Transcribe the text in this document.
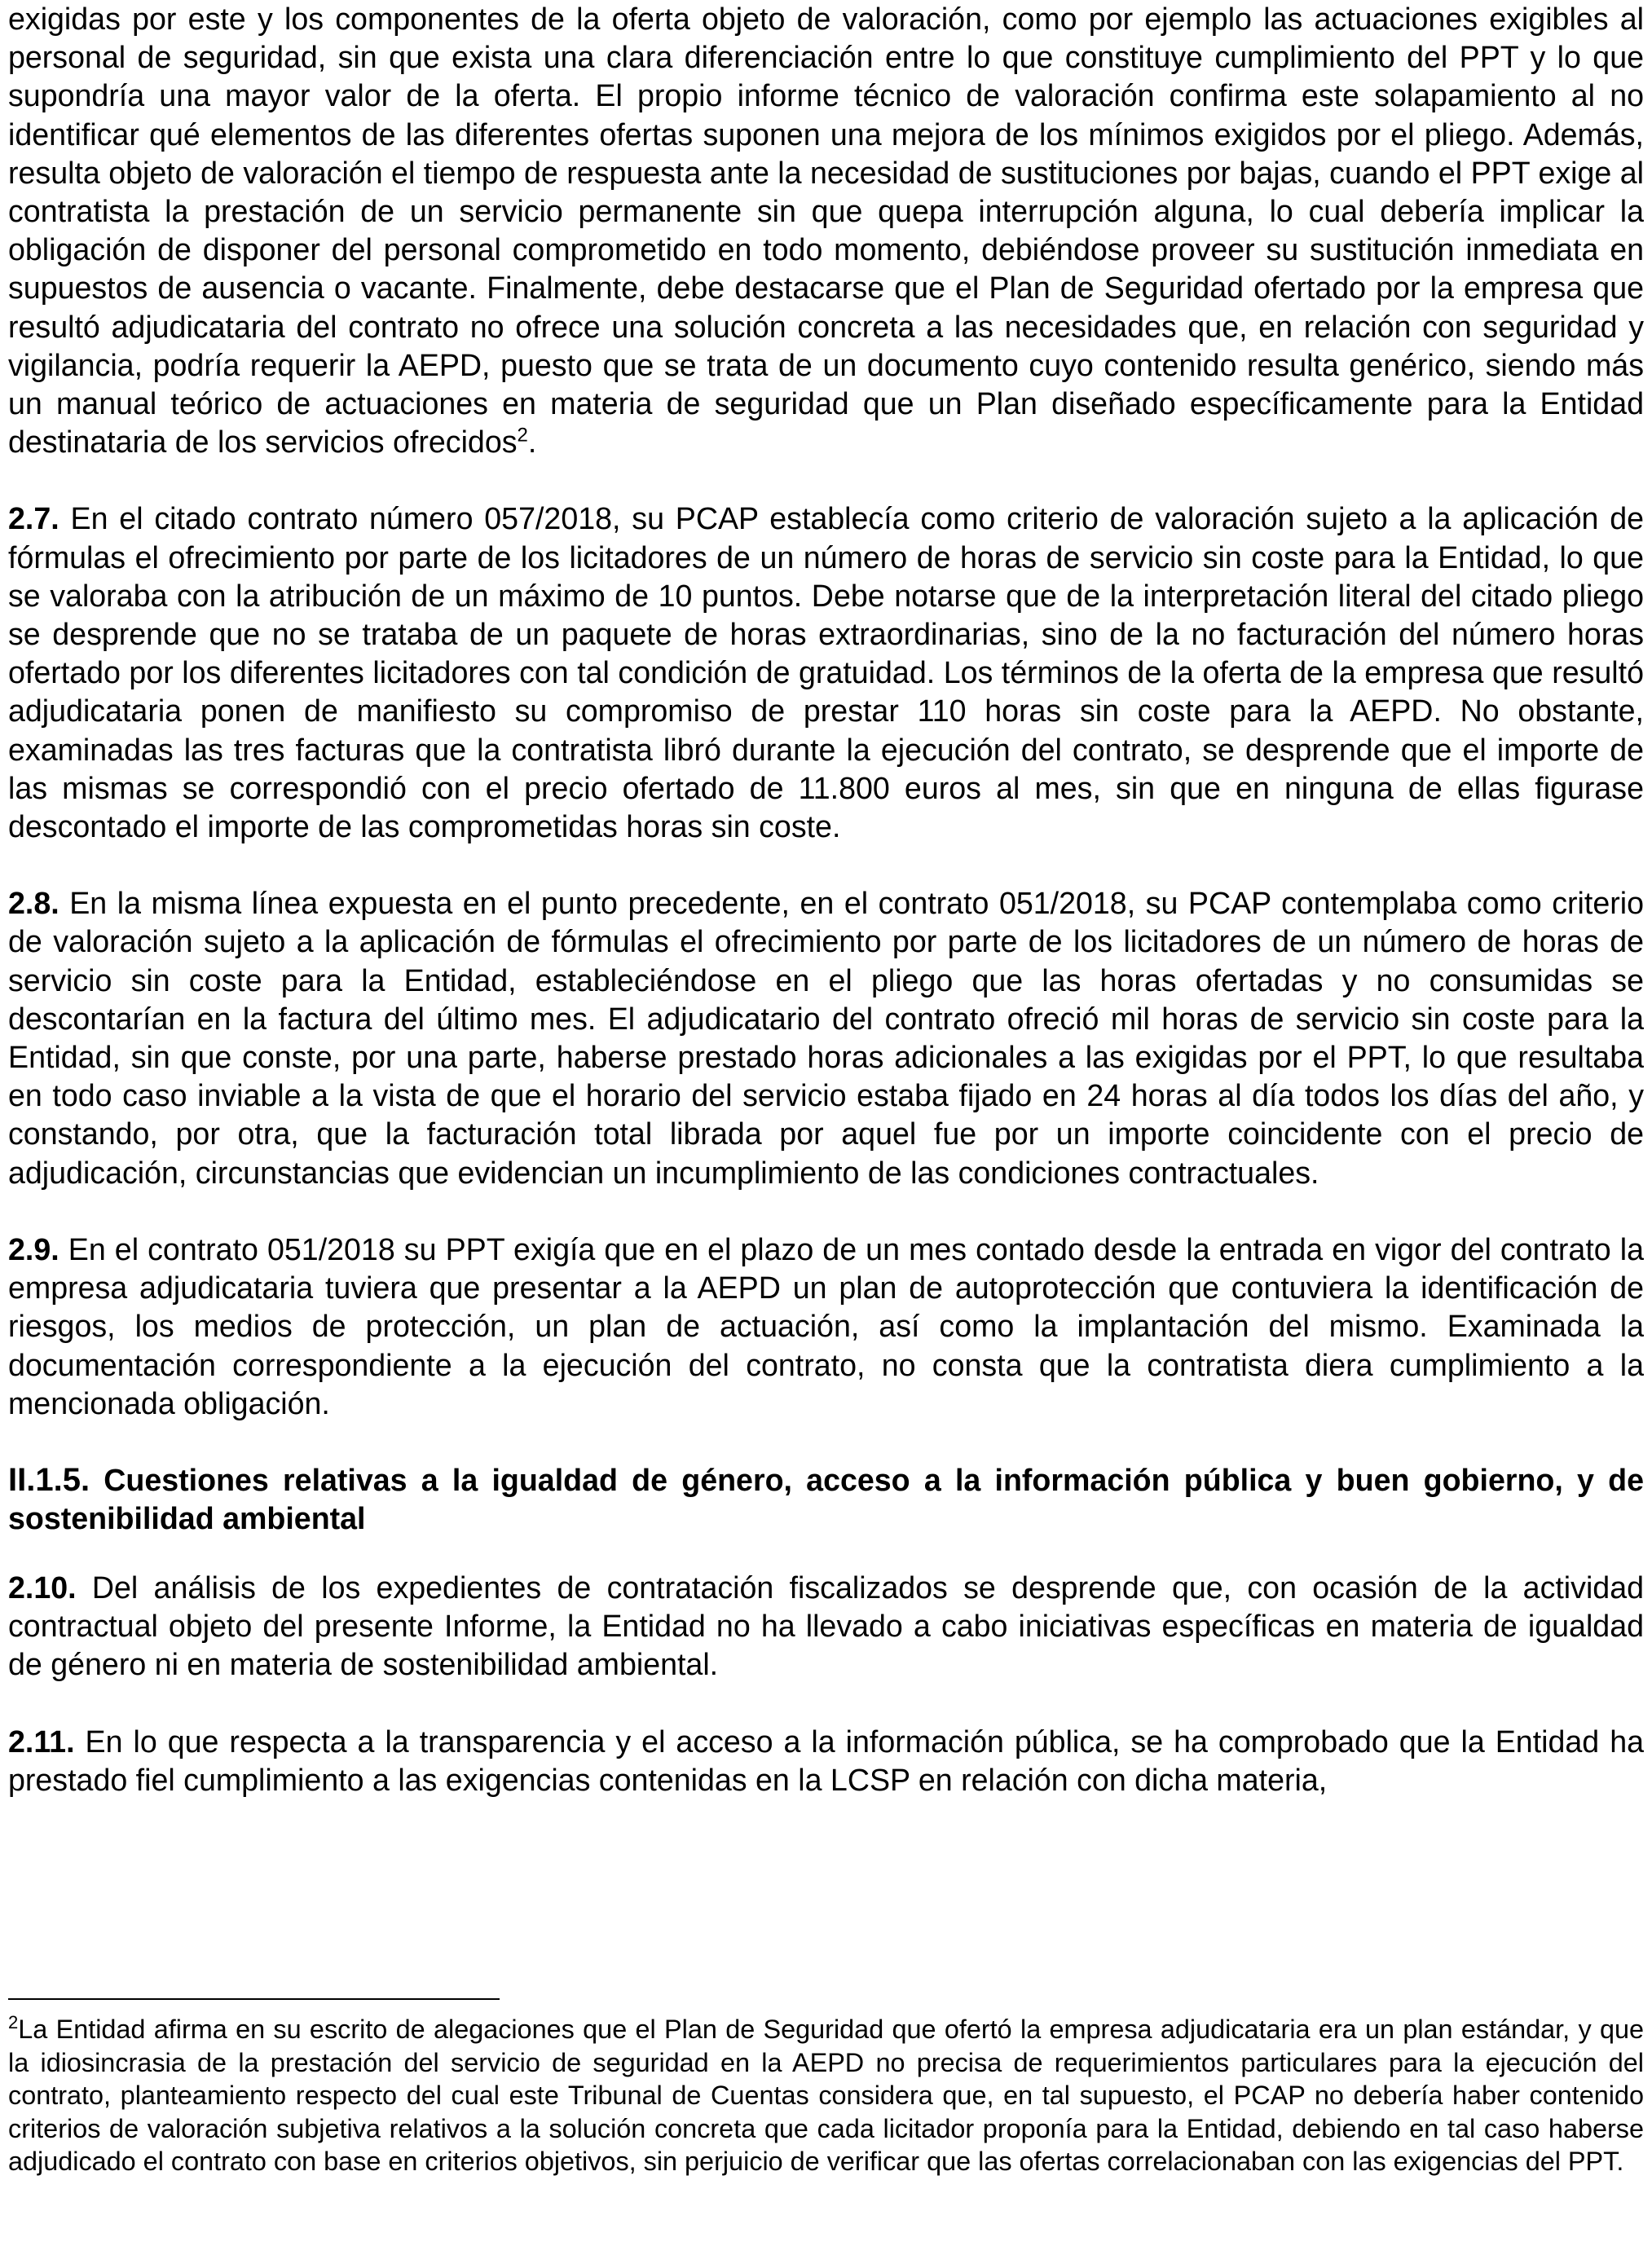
exigidas por este y los componentes de la oferta objeto de valoración, como por ejemplo las actuaciones exigibles al personal de seguridad, sin que exista una clara diferenciación entre lo que constituye cumplimiento del PPT y lo que supondría una mayor valor de la oferta. El propio informe técnico de valoración confirma este solapamiento al no identificar qué elementos de las diferentes ofertas suponen una mejora de los mínimos exigidos por el pliego. Además, resulta objeto de valoración el tiempo de respuesta ante la necesidad de sustituciones por bajas, cuando el PPT exige al contratista la prestación de un servicio permanente sin que quepa interrupción alguna, lo cual debería implicar la obligación de disponer del personal comprometido en todo momento, debiéndose proveer su sustitución inmediata en supuestos de ausencia o vacante. Finalmente, debe destacarse que el Plan de Seguridad ofertado por la empresa que resultó adjudicataria del contrato no ofrece una solución concreta a las necesidades que, en relación con seguridad y vigilancia, podría requerir la AEPD, puesto que se trata de un documento cuyo contenido resulta genérico, siendo más un manual teórico de actuaciones en materia de seguridad que un Plan diseñado específicamente para la Entidad destinataria de los servicios ofrecidos$^2$.

2.7. En el citado contrato número 057/2018, su PCAP establecía como criterio de valoración sujeto a la aplicación de fórmulas el ofrecimiento por parte de los licitadores de un número de horas de servicio sin coste para la Entidad, lo que se valoraba con la atribución de un máximo de 10 puntos. Debe notarse que de la interpretación literal del citado pliego se desprende que no se trataba de un paquete de horas extraordinarias, sino de la no facturación del número horas ofertado por los diferentes licitadores con tal condición de gratuidad. Los términos de la oferta de la empresa que resultó adjudicataria ponen de manifiesto su compromiso de prestar 110 horas sin coste para la AEPD. No obstante, examinadas las tres facturas que la contratista libró durante la ejecución del contrato, se desprende que el importe de las mismas se correspondió con el precio ofertado de 11.800 euros al mes, sin que en ninguna de ellas figurase descontado el importe de las comprometidas horas sin coste.

2.8. En la misma línea expuesta en el punto precedente, en el contrato 051/2018, su PCAP contemplaba como criterio de valoración sujeto a la aplicación de fórmulas el ofrecimiento por parte de los licitadores de un número de horas de servicio sin coste para la Entidad, estableciéndose en el pliego que las horas ofertadas y no consumidas se descontarían en la factura del último mes. El adjudicatario del contrato ofreció mil horas de servicio sin coste para la Entidad, sin que conste, por una parte, haberse prestado horas adicionales a las exigidas por el PPT, lo que resultaba en todo caso inviable a la vista de que el horario del servicio estaba fijado en 24 horas al día todos los días del año, y constando, por otra, que la facturación total librada por aquel fue por un importe coincidente con el precio de adjudicación, circunstancias que evidencian un incumplimiento de las condiciones contractuales.

2.9. En el contrato 051/2018 su PPT exigía que en el plazo de un mes contado desde la entrada en vigor del contrato la empresa adjudicataria tuviera que presentar a la AEPD un plan de autoprotección que contuviera la identificación de riesgos, los medios de protección, un plan de actuación, así como la implantación del mismo. Examinada la documentación correspondiente a la ejecución del contrato, no consta que la contratista diera cumplimiento a la mencionada obligación.

II.1.5. Cuestiones relativas a la igualdad de género, acceso a la información pública y buen gobierno, y de sostenibilidad ambiental

2.10. Del análisis de los expedientes de contratación fiscalizados se desprende que, con ocasión de la actividad contractual objeto del presente Informe, la Entidad no ha llevado a cabo iniciativas específicas en materia de igualdad de género ni en materia de sostenibilidad ambiental.

2.11. En lo que respecta a la transparencia y el acceso a la información pública, se ha comprobado que la Entidad ha prestado fiel cumplimiento a las exigencias contenidas en la LCSP en relación con dicha materia,

$^2$La Entidad afirma en su escrito de alegaciones que el Plan de Seguridad que ofertó la empresa adjudicataria era un plan estándar, y que la idiosincrasia de la prestación del servicio de seguridad en la AEPD no precisa de requerimientos particulares para la ejecución del contrato, planteamiento respecto del cual este Tribunal de Cuentas considera que, en tal supuesto, el PCAP no debería haber contenido criterios de valoración subjetiva relativos a la solución concreta que cada licitador proponía para la Entidad, debiendo en tal caso haberse adjudicado el contrato con base en criterios objetivos, sin perjuicio de verificar que las ofertas correlacionaban con las exigencias del PPT.
